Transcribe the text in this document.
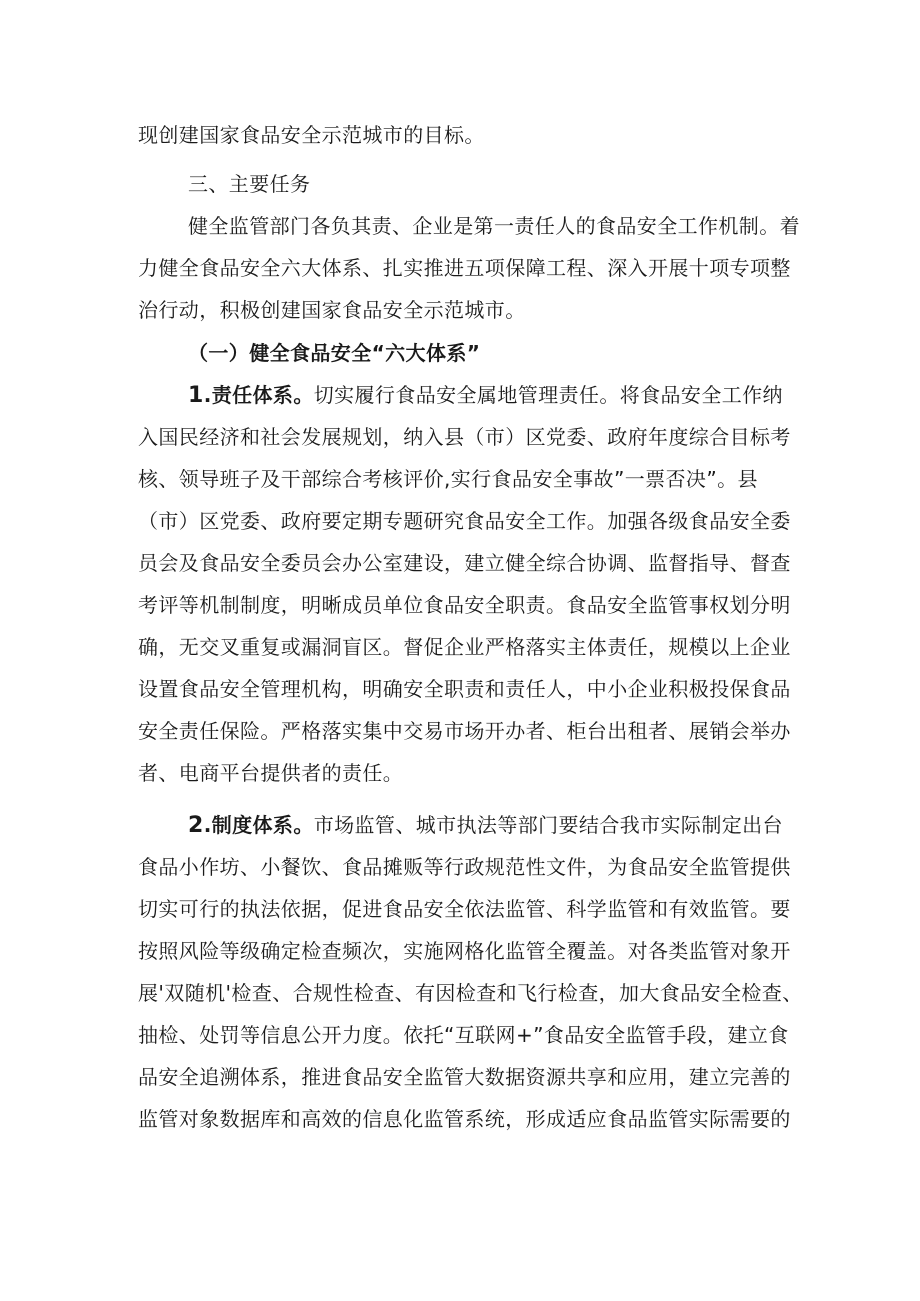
现创建国家食品安全示范城市的目标。
三、主要任务
健全监管部门各负其责、企业是第一责任人的食品安全工作机制。着
力健全食品安全六大体系、扎实推进五项保障工程、深入开展十项专项整
治行动，积极创建国家食品安全示范城市。
（一）健全食品安全“六大体系”
1.责任体系。切实履行食品安全属地管理责任。将食品安全工作纳
入国民经济和社会发展规划，纳入县（市）区党委、政府年度综合目标考
核、领导班子及干部综合考核评价,实行食品安全事故”一票否决”。县
（市）区党委、政府要定期专题研究食品安全工作。加强各级食品安全委
员会及食品安全委员会办公室建设，建立健全综合协调、监督指导、督查
考评等机制制度，明晰成员单位食品安全职责。食品安全监管事权划分明
确，无交叉重复或漏洞盲区。督促企业严格落实主体责任，规模以上企业
设置食品安全管理机构，明确安全职责和责任人，中小企业积极投保食品
安全责任保险。严格落实集中交易市场开办者、柜台出租者、展销会举办
者、电商平台提供者的责任。
2.制度体系。市场监管、城市执法等部门要结合我市实际制定出台
食品小作坊、小餐饮、食品摊贩等行政规范性文件，为食品安全监管提供
切实可行的执法依据，促进食品安全依法监管、科学监管和有效监管。要
按照风险等级确定检查频次，实施网格化监管全覆盖。对各类监管对象开
展'双随机'检查、合规性检查、有因检查和飞行检查，加大食品安全检查、
抽检、处罚等信息公开力度。依托“互联网+”食品安全监管手段，建立食
品安全追溯体系，推进食品安全监管大数据资源共享和应用，建立完善的
监管对象数据库和高效的信息化监管系统，形成适应食品监管实际需要的
